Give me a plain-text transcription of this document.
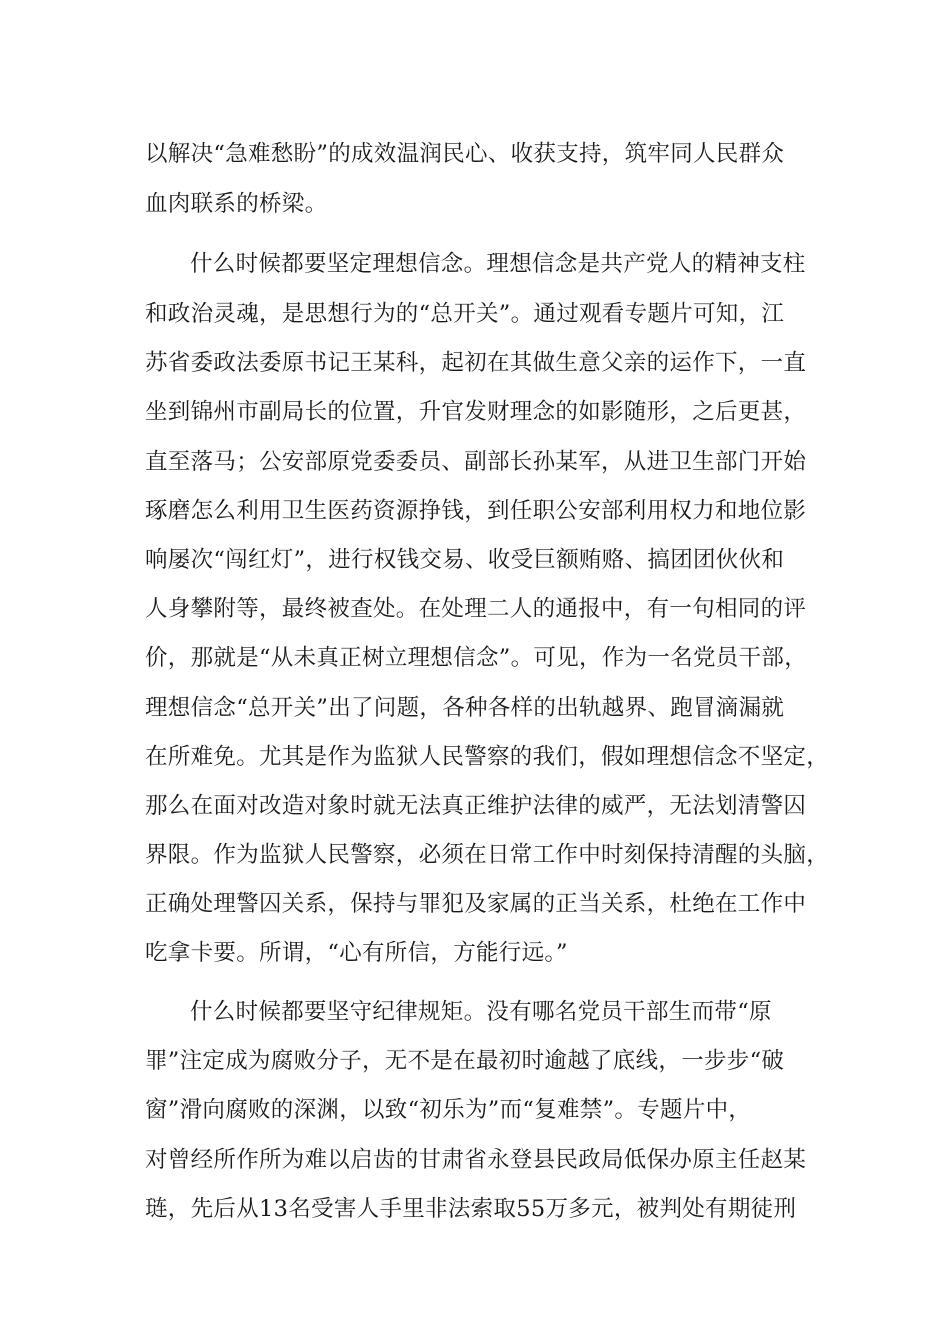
以解决“急难愁盼”的成效温润民心、收获支持，筑牢同人民群众
血肉联系的桥梁。
什么时候都要坚定理想信念。理想信念是共产党人的精神支柱
和政治灵魂，是思想行为的“总开关”。通过观看专题片可知，江
苏省委政法委原书记王某科，起初在其做生意父亲的运作下，一直
坐到锦州市副局长的位置，升官发财理念的如影随形，之后更甚，
直至落马；公安部原党委委员、副部长孙某军，从进卫生部门开始
琢磨怎么利用卫生医药资源挣钱，到任职公安部利用权力和地位影
响屡次“闯红灯”，进行权钱交易、收受巨额贿赂、搞团团伙伙和
人身攀附等，最终被查处。在处理二人的通报中，有一句相同的评
价，那就是“从未真正树立理想信念”。可见，作为一名党员干部，
理想信念“总开关”出了问题，各种各样的出轨越界、跑冒滴漏就
在所难免。尤其是作为监狱人民警察的我们，假如理想信念不坚定，
那么在面对改造对象时就无法真正维护法律的威严，无法划清警囚
界限。作为监狱人民警察，必须在日常工作中时刻保持清醒的头脑，
正确处理警囚关系，保持与罪犯及家属的正当关系，杜绝在工作中
吃拿卡要。所谓，“心有所信，方能行远。”
什么时候都要坚守纪律规矩。没有哪名党员干部生而带“原
罪”注定成为腐败分子，无不是在最初时逾越了底线，一步步“破
窗”滑向腐败的深渊，以致“初乐为”而“复难禁”。专题片中，
对曾经所作所为难以启齿的甘肃省永登县民政局低保办原主任赵某
琏，先后从13名受害人手里非法索取55万多元，被判处有期徒刑
